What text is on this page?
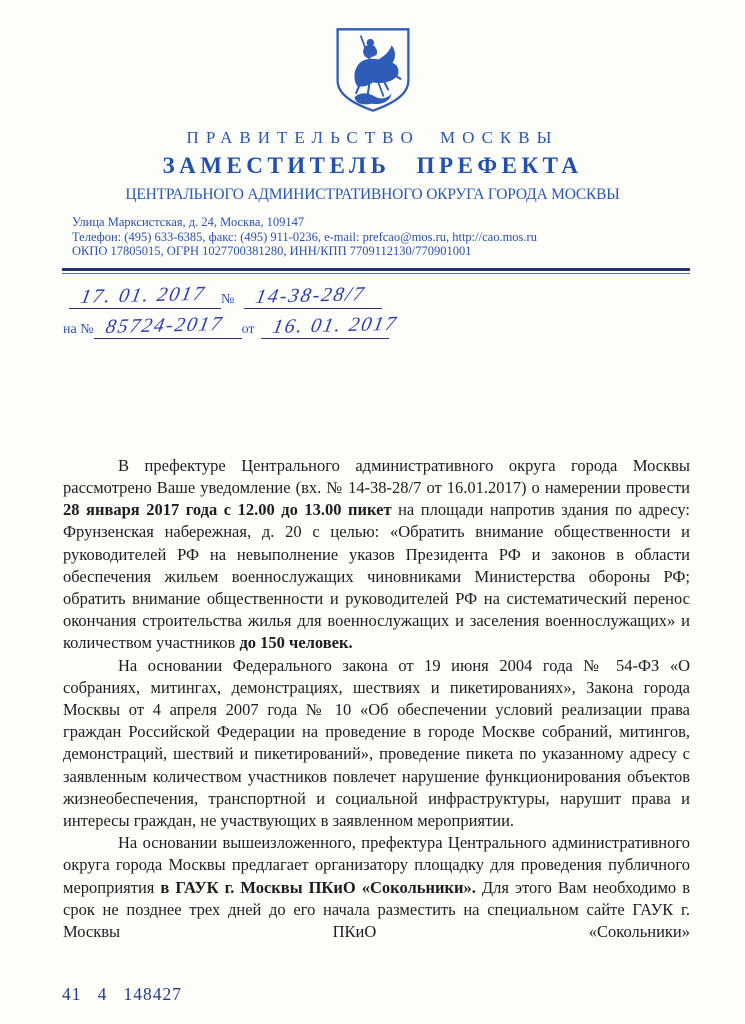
ПРАВИТЕЛЬСТВО МОСКВЫ
ЗАМЕСТИТЕЛЬ ПРЕФЕКТА
ЦЕНТРАЛЬНОГО АДМИНИСТРАТИВНОГО ОКРУГА ГОРОДА МОСКВЫ
Улица Марксистская, д. 24, Москва, 109147
Телефон: (495) 633-6385, факс: (495) 911-0236, e-mail: prefcao@mos.ru, http://cao.mos.ru
ОКПО 17805015, ОГРН 1027700381280, ИНН/КПП 7709112130/770901001
17. 01. 2017 № 14-38-28/7
на № 85724-2017 от 16. 01. 2017

В префектуре Центрального административного округа города Москвы рассмотрено Ваше уведомление (вх. № 14-38-28/7 от 16.01.2017) о намерении провести 28 января 2017 года с 12.00 до 13.00 пикет на площади напротив здания по адресу: Фрунзенская набережная, д. 20 с целью: «Обратить внимание общественности и руководителей РФ на невыполнение указов Президента РФ и законов в области обеспечения жильем военнослужащих чиновниками Министерства обороны РФ; обратить внимание общественности и руководителей РФ на систематический перенос окончания строительства жилья для военнослужащих и заселения военнослужащих» и количеством участников до 150 человек.

На основании Федерального закона от 19 июня 2004 года № 54-ФЗ «О собраниях, митингах, демонстрациях, шествиях и пикетированиях», Закона города Москвы от 4 апреля 2007 года № 10 «Об обеспечении условий реализации права граждан Российской Федерации на проведение в городе Москве собраний, митингов, демонстраций, шествий и пикетирований», проведение пикета по указанному адресу с заявленным количеством участников повлечет нарушение функционирования объектов жизнеобеспечения, транспортной и социальной инфраструктуры, нарушит права и интересы граждан, не участвующих в заявленном мероприятии.

На основании вышеизложенного, префектура Центрального административного округа города Москвы предлагает организатору площадку для проведения публичного мероприятия в ГАУК г. Москвы ПКиО «Сокольники». Для этого Вам необходимо в срок не позднее трех дней до его начала разместить на специальном сайте ГАУК г. Москвы ПКиО «Сокольники»

41   4   148427
